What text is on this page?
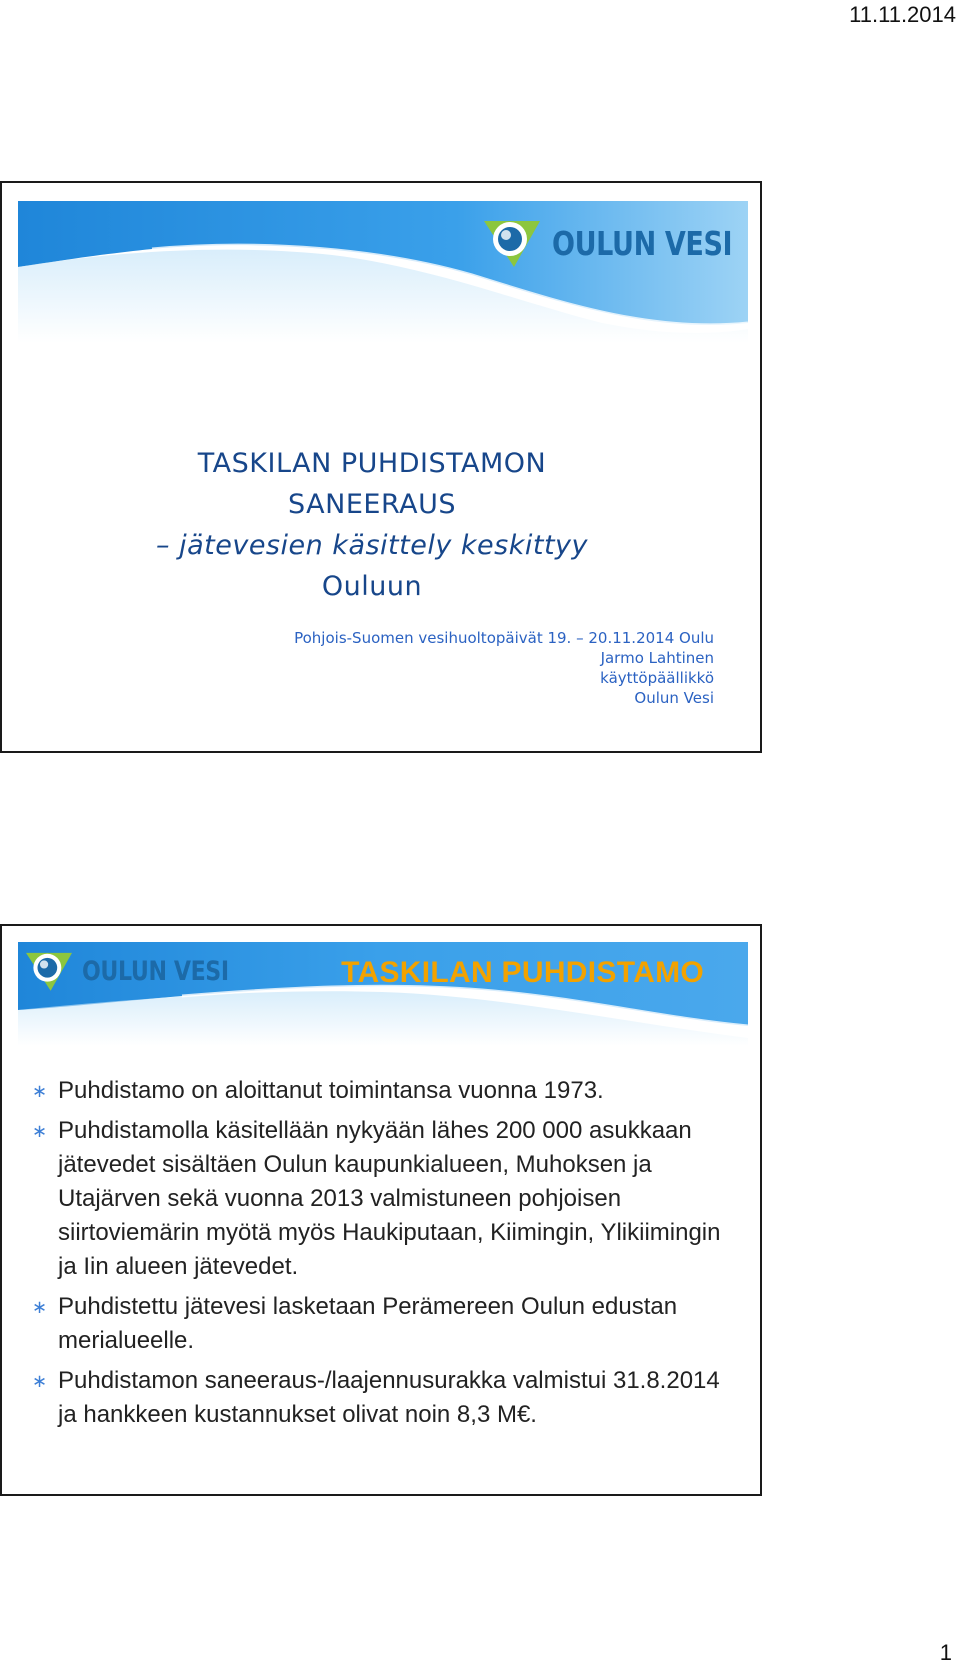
11.11.2014
OULUN VESI
TASKILAN PUHDISTAMON
SANEERAUS
– jätevesien käsittely keskittyy
Ouluun
Pohjois-Suomen vesihuoltopäivät 19. – 20.11.2014 Oulu
Jarmo Lahtinen
käyttöpäällikkö
Oulun Vesi
OULUN VESI	TASKILAN PUHDISTAMO
∗ Puhdistamo on aloittanut toimintansa vuonna 1973.
∗ Puhdistamolla käsitellään nykyään lähes 200 000 asukkaan jätevedet sisältäen Oulun kaupunkialueen, Muhoksen ja Utajärven sekä vuonna 2013 valmistuneen pohjoisen siirtoviemärin myötä myös Haukiputaan, Kiimingin, Ylikiimingin ja Iin alueen jätevedet.
∗ Puhdistettu jätevesi lasketaan Perämereen Oulun edustan merialueelle.
∗ Puhdistamon saneeraus-/laajennusurakka valmistui 31.8.2014 ja hankkeen kustannukset olivat noin 8,3 M€.
1
